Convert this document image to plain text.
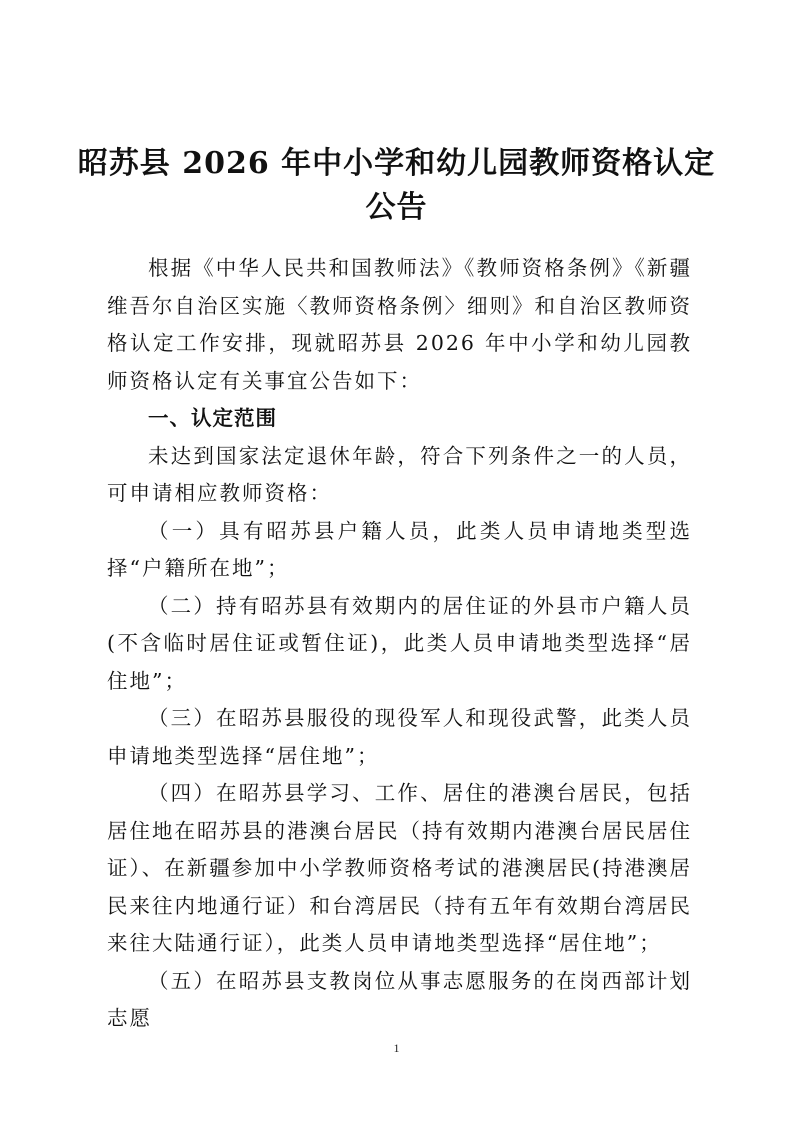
昭苏县 2026 年中小学和幼儿园教师资格认定
公告

根据《中华人民共和国教师法》《教师资格条例》《新疆维吾尔自治区实施〈教师资格条例〉细则》和自治区教师资格认定工作安排，现就昭苏县 2026 年中小学和幼儿园教师资格认定有关事宜公告如下：

一、认定范围

未达到国家法定退休年龄，符合下列条件之一的人员，可申请相应教师资格：

（一）具有昭苏县户籍人员，此类人员申请地类型选择“户籍所在地”；

（二）持有昭苏县有效期内的居住证的外县市户籍人员(不含临时居住证或暂住证)，此类人员申请地类型选择“居住地”；

（三）在昭苏县服役的现役军人和现役武警，此类人员申请地类型选择“居住地”；

（四）在昭苏县学习、工作、居住的港澳台居民，包括居住地在昭苏县的港澳台居民（持有效期内港澳台居民居住证）、在新疆参加中小学教师资格考试的港澳居民(持港澳居民来往内地通行证）和台湾居民（持有五年有效期台湾居民来往大陆通行证），此类人员申请地类型选择“居住地”；

（五）在昭苏县支教岗位从事志愿服务的在岗西部计划志愿

1
